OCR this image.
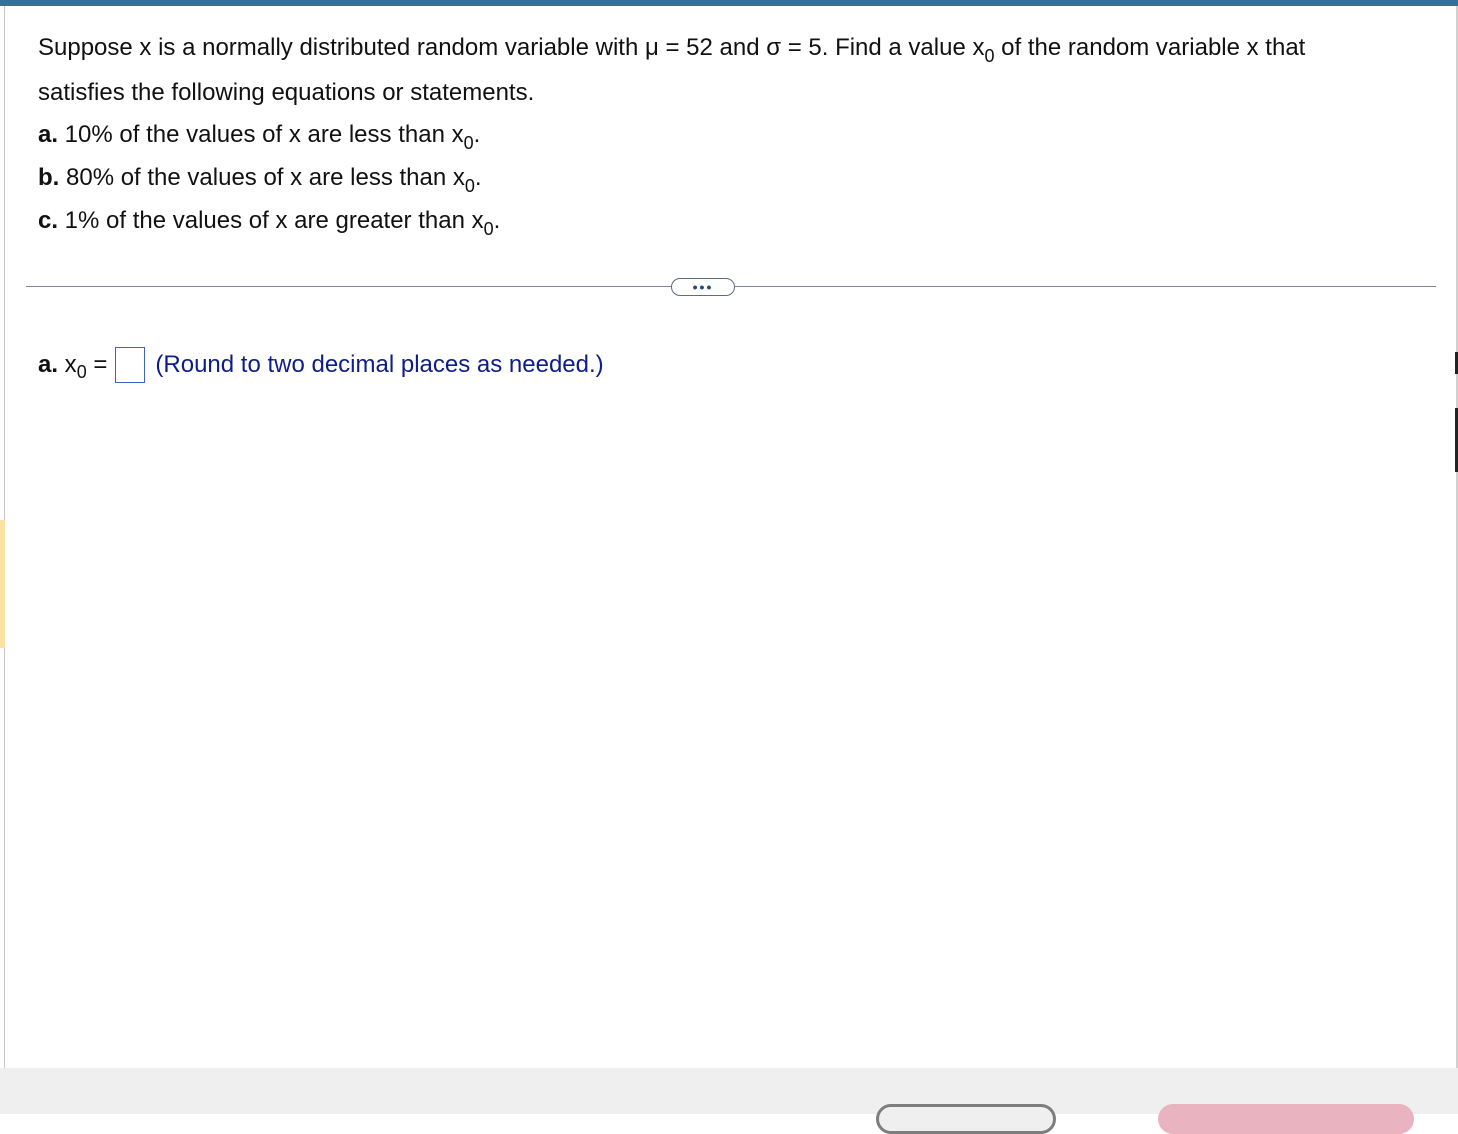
Suppose x is a normally distributed random variable with μ = 52 and σ = 5. Find a value $x_0$ of the random variable x that

satisfies the following equations or statements.

a. 10% of the values of x are less than $x_0$.

b. 80% of the values of x are less than $x_0$.

c. 1% of the values of x are greater than $x_0$.

•••
a. $x_0$ = (Round to two decimal places as needed.)
